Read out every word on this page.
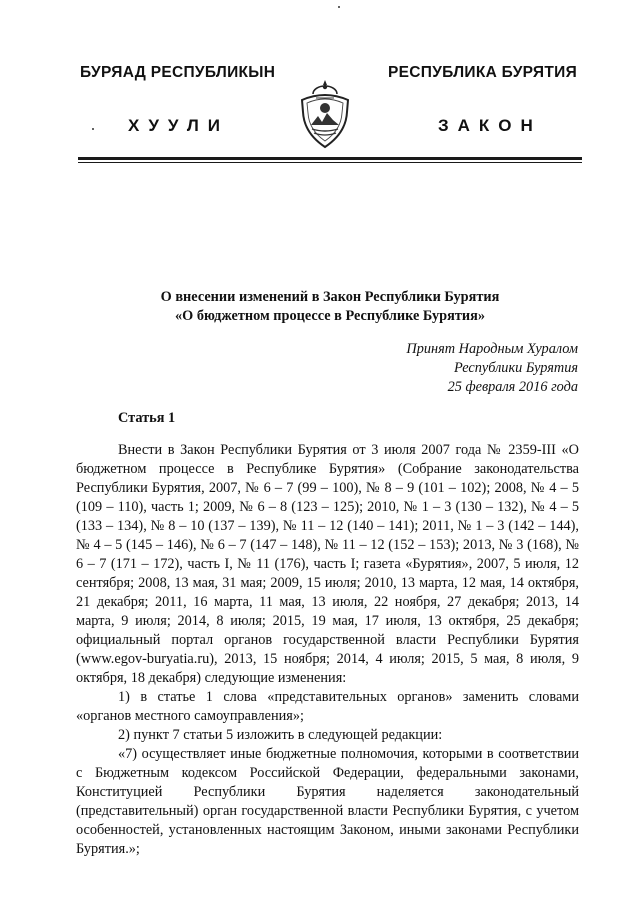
БУРЯАД РЕСПУБЛИКЫН
ХУУЛИ
РЕСПУБЛИКА БУРЯТИЯ
ЗАКОН
О внесении изменений в Закон Республики Бурятия
«О бюджетном процессе в Республике Бурятия»
Принят Народным Хуралом
Республики Бурятия
25 февраля 2016 года
Статья 1

Внести в Закон Республики Бурятия от 3 июля 2007 года № 2359-III «О бюджетном процессе в Республике Бурятия» (Собрание законодательства Республики Бурятия, 2007, № 6 – 7 (99 – 100), № 8 – 9 (101 – 102); 2008, № 4 – 5 (109 – 110), часть 1; 2009, № 6 – 8 (123 – 125); 2010, № 1 – 3 (130 – 132), № 4 – 5 (133 – 134), № 8 – 10 (137 – 139), № 11 – 12 (140 – 141); 2011, № 1 – 3 (142 – 144), № 4 – 5 (145 – 146), № 6 – 7 (147 – 148), № 11 – 12 (152 – 153); 2013, № 3 (168), № 6 – 7 (171 – 172), часть I, № 11 (176), часть I; газета «Бурятия», 2007, 5 июля, 12 сентября; 2008, 13 мая, 31 мая; 2009, 15 июля; 2010, 13 марта, 12 мая, 14 октября, 21 декабря; 2011, 16 марта, 11 мая, 13 июля, 22 ноября, 27 декабря; 2013, 14 марта, 9 июля; 2014, 8 июля; 2015, 19 мая, 17 июля, 13 октября, 25 декабря; официальный портал органов государственной власти Республики Бурятия (www.egov-buryatia.ru), 2013, 15 ноября; 2014, 4 июля; 2015, 5 мая, 8 июля, 9 октября, 18 декабря) следующие изменения:

1) в статье 1 слова «представительных органов» заменить словами «органов местного самоуправления»;

2) пункт 7 статьи 5 изложить в следующей редакции:

«7) осуществляет иные бюджетные полномочия, которыми в соответствии с Бюджетным кодексом Российской Федерации, федеральными законами, Конституцией Республики Бурятия наделяется законодательный (представительный) орган государственной власти Республики Бурятия, с учетом особенностей, установленных настоящим Законом, иными законами Республики Бурятия.»;
